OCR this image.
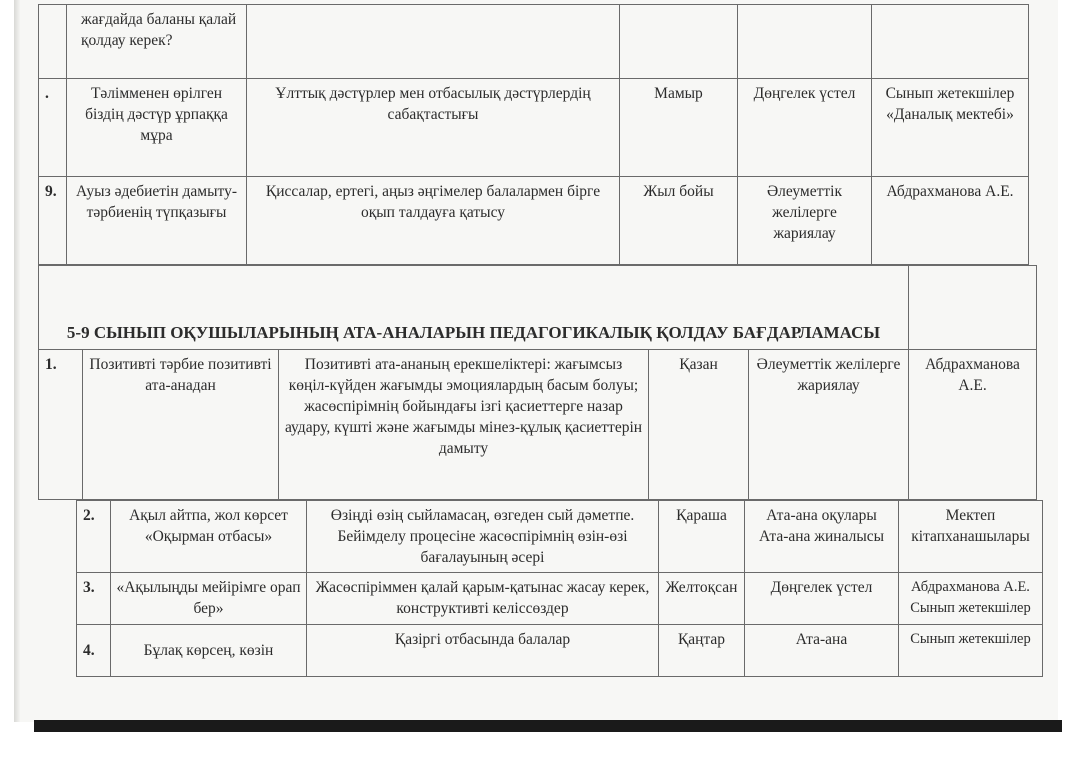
	жағдайда баланы қалай қолдау керек?				
.	Тәлімменен өрілген біздің дәстүр ұрпаққа мұра	Ұлттық дәстүрлер мен отбасылық дәстүрлердің сабақтастығы	Мамыр	Дөңгелек үстел	Сынып жетекшілер «Даналық мектебі»
9.	Ауыз әдебиетін дамыту-тәрбиенің түпқазығы	Қиссалар, ертегі, аңыз әңгімелер балалармен бірге оқып талдауға қатысу	Жыл бойы	Әлеуметтік желілерге жариялау	Абдрахманова А.Е.
5-9 СЫНЫП ОҚУШЫЛАРЫНЫҢ АТА-АНАЛАРЫН ПЕДАГОГИКАЛЫҚ ҚОЛДАУ БАҒДАРЛАМАСЫ					
1.	Позитивті тәрбие позитивті ата-анадан	Позитивті ата-ананың ерекшеліктері: жағымсыз көңіл-күйден жағымды эмоциялардың басым болуы; жасөспірімнің бойындағы ізгі қасиеттерге назар аудару, күшті және жағымды мінез-құлық қасиеттерін дамыту	Қазан	Әлеуметтік желілерге жариялау	Абдрахманова А.Е.
2.	Ақыл айтпа, жол көрсет «Оқырман отбасы»	Өзіңді өзің сыйламасаң, өзгеден сый дәметпе. Бейімделу процесіне жасөспірімнің өзін-өзі бағалауының әсері	Қараша	Ата-ана оқулары Ата-ана жиналысы	Мектеп кітапханашылары
3.	«Ақылыңды мейірімге орап бер»	Жасөспіріммен қалай қарым-қатынас жасау керек, конструктивті келіссөздер	Желтоқсан	Дөңгелек үстел	Абдрахманова А.Е. Сынып жетекшілер
4.	Бұлақ көрсең, көзін	Қазіргі отбасында балалар	Қаңтар	Ата-ана	Сынып жетекшілер
